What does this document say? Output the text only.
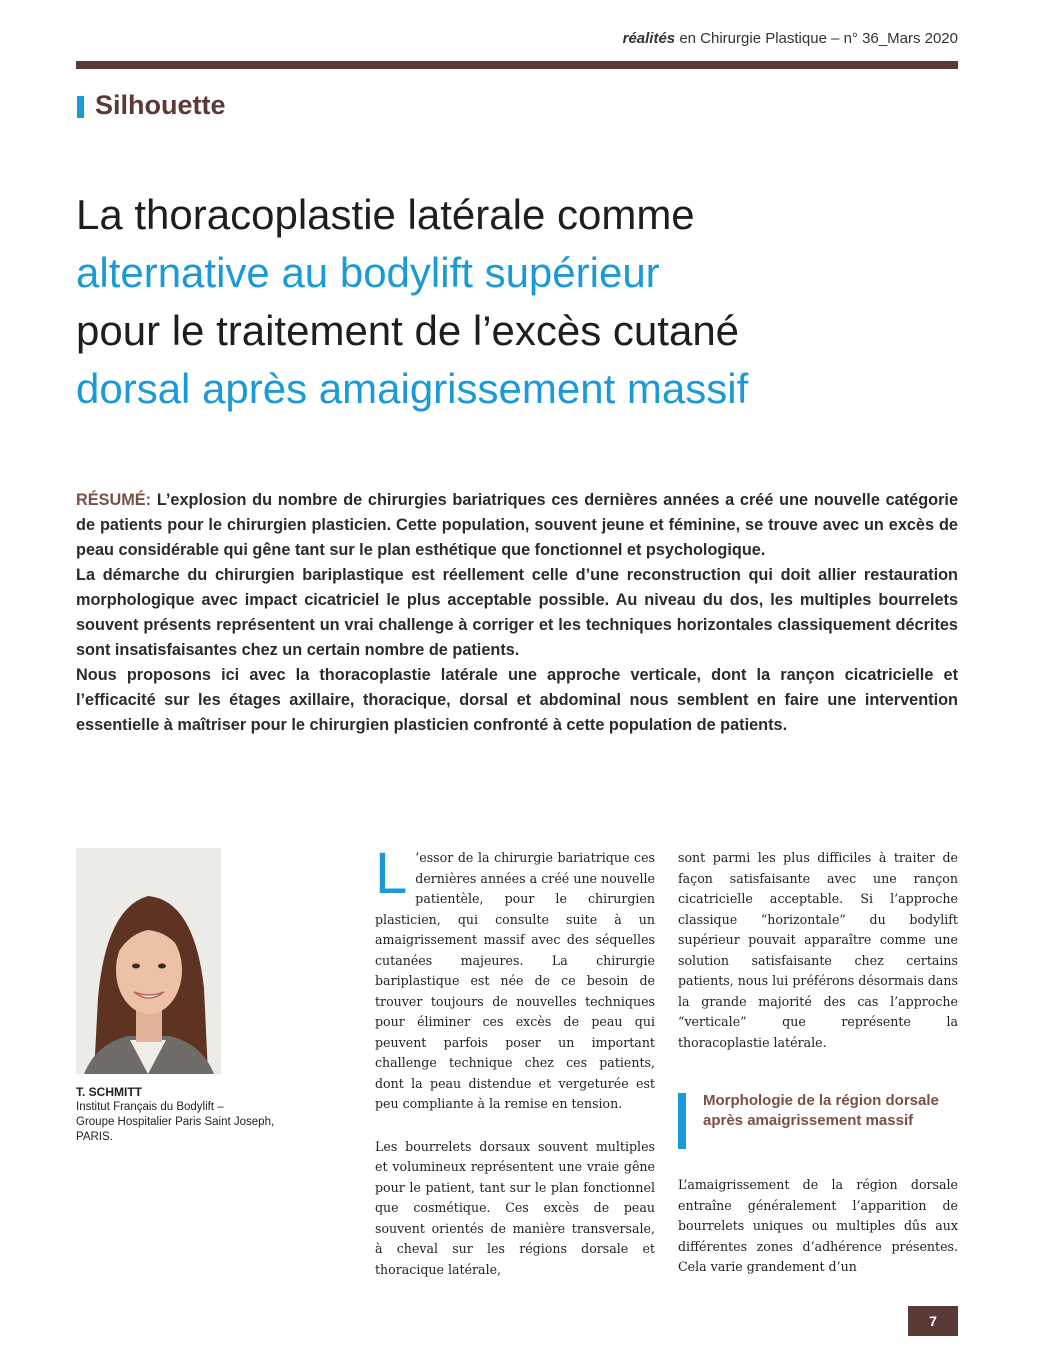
réalités en Chirurgie Plastique – n° 36_Mars 2020
Silhouette
La thoracoplastie latérale comme
alternative au bodylift supérieur
pour le traitement de l’excès cutané
dorsal après amaigrissement massif

RÉSUMÉ: L’explosion du nombre de chirurgies bariatriques ces dernières années a créé une nouvelle catégorie de patients pour le chirurgien plasticien. Cette population, souvent jeune et féminine, se trouve avec un excès de peau considérable qui gêne tant sur le plan esthétique que fonctionnel et psychologique.

La démarche du chirurgien bariplastique est réellement celle d’une reconstruction qui doit allier restauration morphologique avec impact cicatriciel le plus acceptable possible. Au niveau du dos, les multiples bourrelets souvent présents représentent un vrai challenge à corriger et les techniques horizontales classiquement décrites sont insatisfaisantes chez un certain nombre de patients.

Nous proposons ici avec la thoracoplastie latérale une approche verticale, dont la rançon cicatricielle et l’efficacité sur les étages axillaire, thoracique, dorsal et abdominal nous semblent en faire une intervention essentielle à maîtriser pour le chirurgien plasticien confronté à cette population de patients.

T. SCHMITT
Institut Français du Bodylift –
Groupe Hospitalier Paris Saint Joseph,
PARIS.
L ’essor de la chirurgie bariatrique ces dernières années a créé une nouvelle patientèle, pour le chirurgien plasticien, qui consulte suite à un amaigrissement massif avec des séquelles cutanées majeures. La chirurgie bariplastique est née de ce besoin de trouver toujours de nouvelles techniques pour éliminer ces excès de peau qui peuvent parfois poser un important challenge technique chez ces patients, dont la peau distendue et vergeturée est peu compliante à la remise en tension.

Les bourrelets dorsaux souvent multiples et volumineux représentent une vraie gêne pour le patient, tant sur le plan fonctionnel que cosmétique. Ces excès de peau souvent orientés de manière transversale, à cheval sur les régions dorsale et thoracique latérale,

sont parmi les plus difficiles à traiter de façon satisfaisante avec une rançon cicatricielle acceptable. Si l’approche classique “horizontale” du bodylift supérieur pouvait apparaître comme une solution satisfaisante chez certains patients, nous lui préférons désormais dans la grande majorité des cas l’approche “verticale” que représente la thoracoplastie latérale.

Morphologie de la région dorsale après amaigrissement massif

L’amaigrissement de la région dorsale entraîne généralement l’apparition de bourrelets uniques ou multiples dûs aux différentes zones d’adhérence présentes. Cela varie grandement d’un

7
